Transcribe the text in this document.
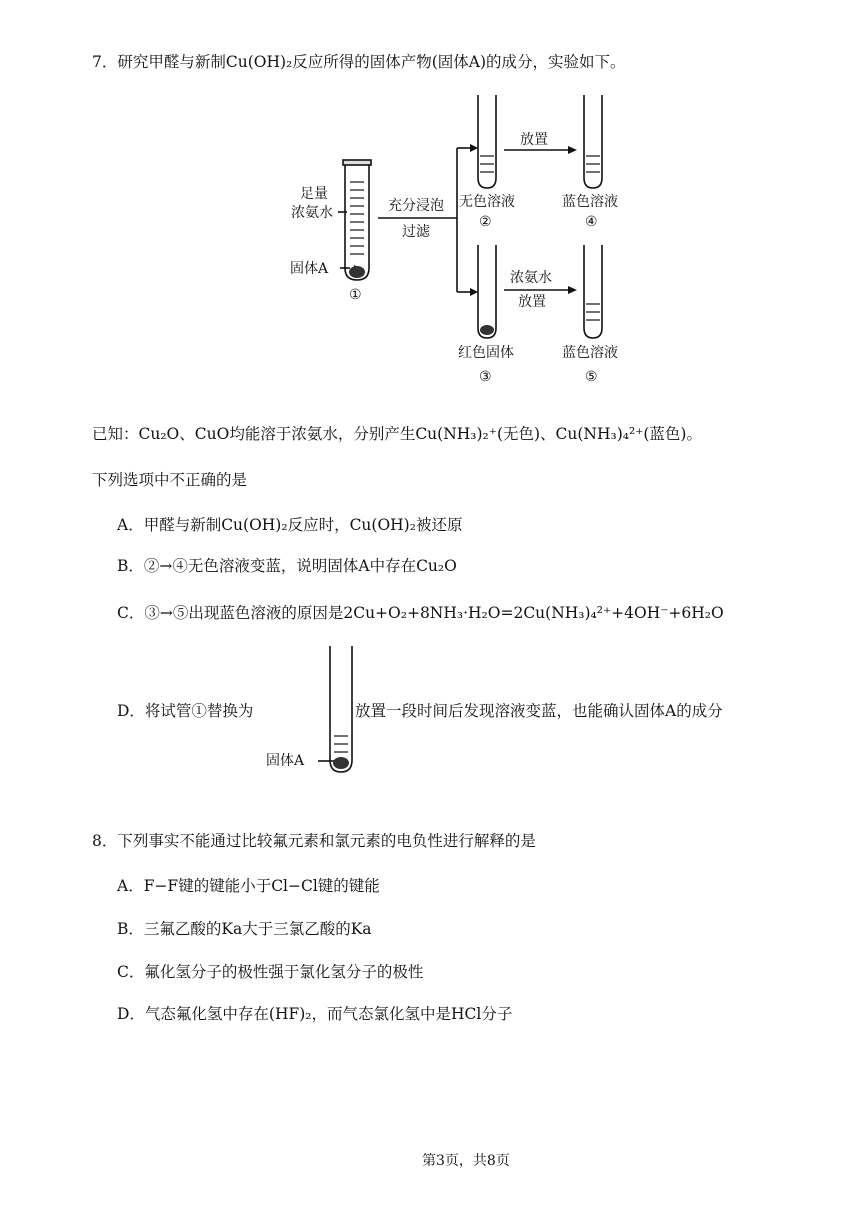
7．研究甲醛与新制Cu(OH)₂反应所得的固体产物(固体A)的成分，实验如下。
足量
浓氨水
固体A
①
充分浸泡
过滤
无色溶液
②
放置
蓝色溶液
④
浓氨水
放置
红色固体
③
蓝色溶液
⑤
已知：Cu₂O、CuO均能溶于浓氨水，分别产生Cu(NH₃)₂⁺(无色)、Cu(NH₃)₄²⁺(蓝色)。
下列选项中不正确的是
A．甲醛与新制Cu(OH)₂反应时，Cu(OH)₂被还原
B．②→④无色溶液变蓝，说明固体A中存在Cu₂O
C．③→⑤出现蓝色溶液的原因是2Cu+O₂+8NH₃·H₂O=2Cu(NH₃)₄²⁺+4OH⁻+6H₂O
D．将试管①替换为	放置一段时间后发现溶液变蓝，也能确认固体A的成分
固体A
8．下列事实不能通过比较氟元素和氯元素的电负性进行解释的是
A．F−F键的键能小于Cl−Cl键的键能
B．三氟乙酸的Ka大于三氯乙酸的Ka
C．氟化氢分子的极性强于氯化氢分子的极性
D．气态氟化氢中存在(HF)₂，而气态氯化氢中是HCl分子
第3页，共8页
